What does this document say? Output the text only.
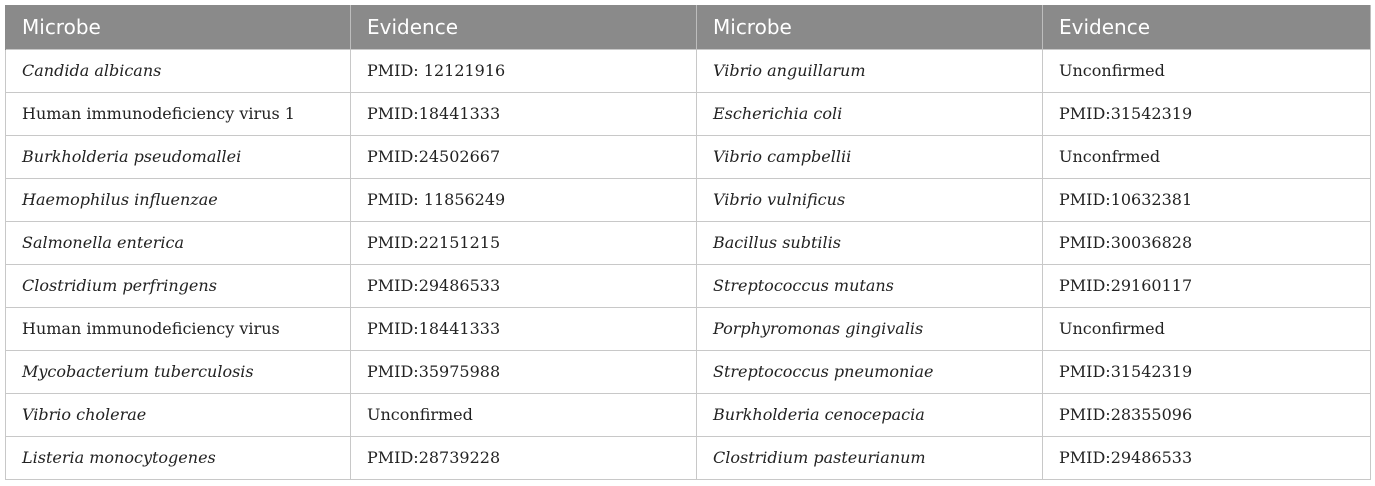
Microbe	Evidence	Microbe	Evidence
Candida albicans	PMID: 12121916	Vibrio anguillarum	Unconfirmed
Human immunodeficiency virus 1	PMID:18441333	Escherichia coli	PMID:31542319
Burkholderia pseudomallei	PMID:24502667	Vibrio campbellii	Unconfrmed
Haemophilus influenzae	PMID: 11856249	Vibrio vulnificus	PMID:10632381
Salmonella enterica	PMID:22151215	Bacillus subtilis	PMID:30036828
Clostridium perfringens	PMID:29486533	Streptococcus mutans	PMID:29160117
Human immunodeficiency virus	PMID:18441333	Porphyromonas gingivalis	Unconfirmed
Mycobacterium tuberculosis	PMID:35975988	Streptococcus pneumoniae	PMID:31542319
Vibrio cholerae	Unconfirmed	Burkholderia cenocepacia	PMID:28355096
Listeria monocytogenes	PMID:28739228	Clostridium pasteurianum	PMID:29486533
